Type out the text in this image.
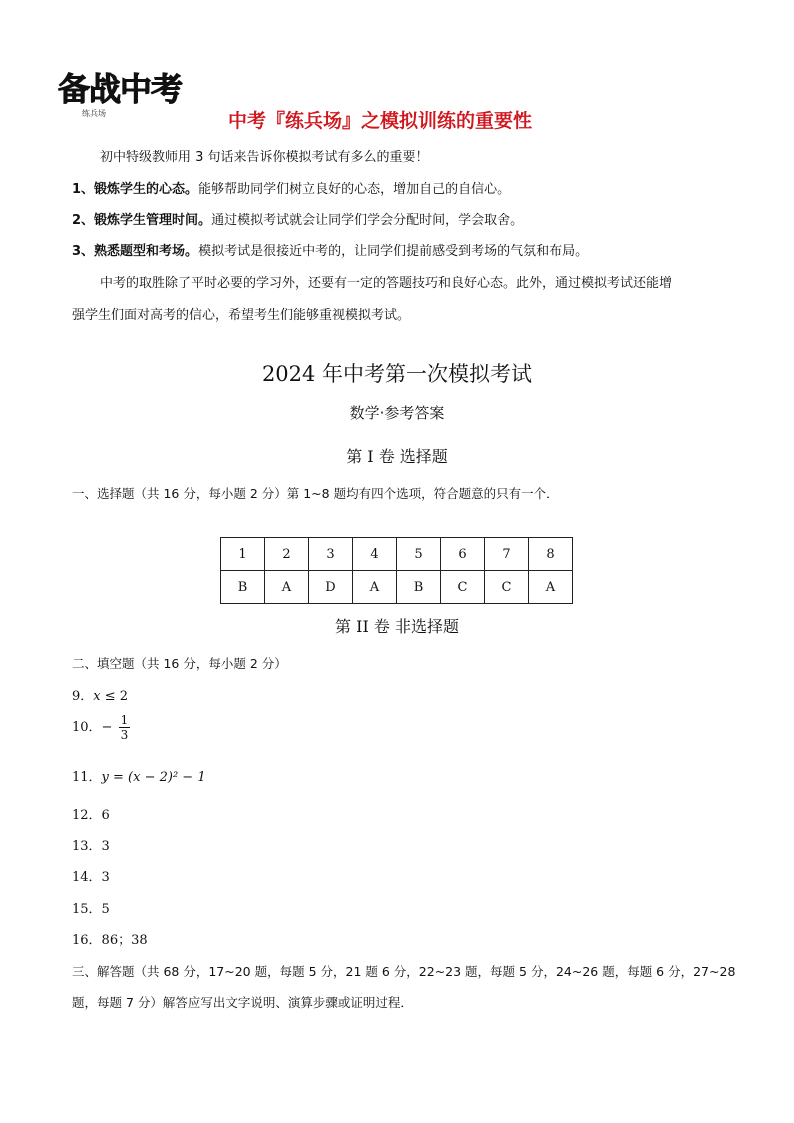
备战中考
练兵场	中考『练兵场』之模拟训练的重要性
初中特级教师用 3 句话来告诉你模拟考试有多么的重要！
1、锻炼学生的心态。能够帮助同学们树立良好的心态，增加自己的自信心。
2、锻炼学生管理时间。通过模拟考试就会让同学们学会分配时间，学会取舍。
3、熟悉题型和考场。模拟考试是很接近中考的，让同学们提前感受到考场的气氛和布局。
中考的取胜除了平时必要的学习外，还要有一定的答题技巧和良好心态。此外，通过模拟考试还能增
强学生们面对高考的信心，希望考生们能够重视模拟考试。
2024 年中考第一次模拟考试
数学·参考答案
第 I 卷 选择题
一、选择题（共 16 分，每小题 2 分）第 1~8 题均有四个选项，符合题意的只有一个．
1	2	3	4	5	6	7	8
B	A	D	A	B	C	C	A
第 II 卷 非选择题
二、填空题（共 16 分，每小题 2 分）
9．x ≤ 2
10．− $\frac{1}{3}$
11．y = (x − 2)² − 1
12．6
13．3
14．3
15．5
16．86；38
三、解答题（共 68 分，17~20 题，每题 5 分，21 题 6 分，22~23 题，每题 5 分，24~26 题，每题 6 分，27~28
题，每题 7 分）解答应写出文字说明、演算步骤或证明过程．
